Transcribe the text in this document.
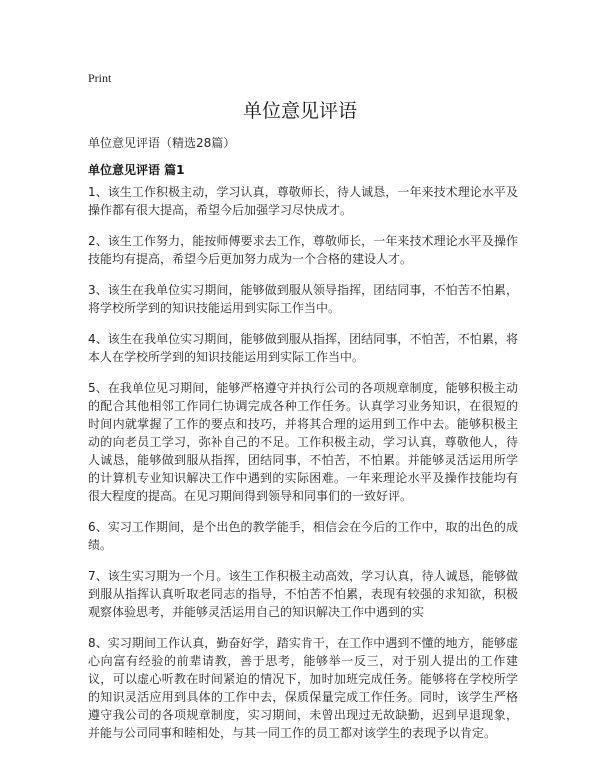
Print
单位意见评语
单位意见评语（精选28篇）
单位意见评语 篇1

1、该生工作积极主动，学习认真，尊敬师长，待人诚恳，一年来技术理论水平及操作都有很大提高，希望今后加强学习尽快成才。

2、该生工作努力，能按师傅要求去工作，尊敬师长，一年来技术理论水平及操作技能均有提高，希望今后更加努力成为一个合格的建设人才。

3、该生在我单位实习期间，能够做到服从领导指挥，团结同事，不怕苦不怕累，将学校所学到的知识技能运用到实际工作当中。

4、该生在我单位实习期间，能够做到服从指挥，团结同事，不怕苦，不怕累，将本人在学校所学到的知识技能运用到实际工作当中。

5、在我单位见习期间，能够严格遵守并执行公司的各项规章制度，能够积极主动的配合其他相邻工作同仁协调完成各种工作任务。认真学习业务知识，在很短的时间内就掌握了工作的要点和技巧，并将其合理的运用到工作中去。能够积极主动的向老员工学习，弥补自己的不足。工作积极主动，学习认真，尊敬他人，待人诚恳，能够做到服从指挥，团结同事，不怕苦，不怕累。并能够灵活运用所学的计算机专业知识解决工作中遇到的实际困难。一年来理论水平及操作技能均有很大程度的提高。在见习期间得到领导和同事们的一致好评。

6、实习工作期间，是个出色的教学能手，相信会在今后的工作中，取的出色的成绩。

7、该生实习期为一个月。该生工作积极主动高效，学习认真，待人诚恳，能够做到服从指挥认真听取老同志的指导，不怕苦不怕累，表现有较强的求知欲，积极观察体验思考，并能够灵活运用自己的知识解决工作中遇到的实

8、实习期间工作认真，勤奋好学，踏实肯干，在工作中遇到不懂的地方，能够虚心向富有经验的前辈请教，善于思考，能够举一反三，对于别人提出的工作建议，可以虚心听教在时间紧迫的情况下，加时加班完成任务。能够将在学校所学的知识灵活应用到具体的工作中去，保质保量完成工作任务。同时，该学生严格遵守我公司的各项规章制度，实习期间，未曾出现过无故缺勤，迟到早退现象，并能与公司同事和睦相处，与其一同工作的员工都对该学生的表现予以肯定。
